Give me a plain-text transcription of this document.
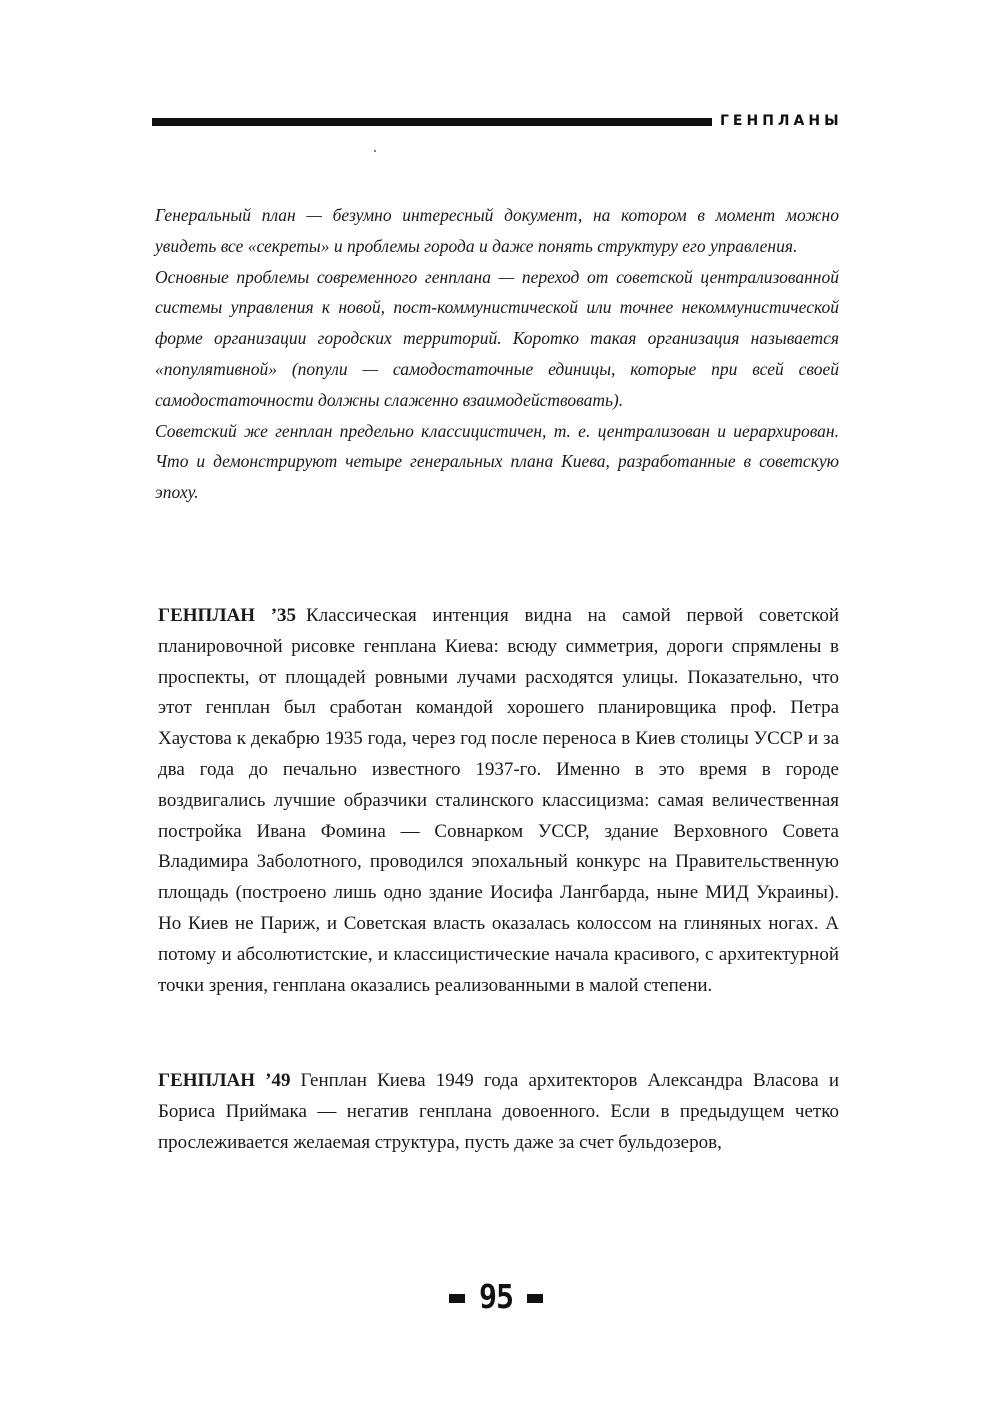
ГЕНПЛАНЫ

Генеральный план — безумно интересный документ, на котором в момент можно увидеть все «секреты» и проблемы города и даже понять структуру его управления.

Основные проблемы современного генплана — переход от советской централизованной системы управления к новой, пост-коммунистической или точнее некоммунистической форме организации городских территорий. Коротко такая организация называется «популятивной» (попули — самодостаточные единицы, которые при всей своей самодостаточности должны слаженно взаимодействовать).

Советский же генплан предельно классицистичен, т. е. централизован и иерархирован. Что и демонстрируют четыре генеральных плана Киева, разработанные в советскую эпоху.

ГЕНПЛАН ’35 Классическая интенция видна на самой первой советской планировочной рисовке генплана Киева: всюду симметрия, дороги спрямлены в проспекты, от площадей ровными лучами расходятся улицы. Показательно, что этот генплан был сработан командой хорошего планировщика проф. Петра Хаустова к декабрю 1935 года, через год после переноса в Киев столицы УССР и за два года до печально известного 1937-го. Именно в это время в городе воздвигались лучшие образчики сталинского классицизма: самая величественная постройка Ивана Фомина — Совнарком УССР, здание Верховного Совета Владимира Заболотного, проводился эпохальный конкурс на Правительственную площадь (построено лишь одно здание Иосифа Лангбарда, ныне МИД Украины). Но Киев не Париж, и Советская власть оказалась колоссом на глиняных ногах. А потому и абсолютистские, и классицистические начала красивого, с архитектурной точки зрения, генплана оказались реализованными в малой степени.

ГЕНПЛАН ’49 Генплан Киева 1949 года архитекторов Александра Власова и Бориса Приймака — негатив генплана довоенного. Если в предыдущем четко прослеживается желаемая структура, пусть даже за счет бульдозеров,

95
